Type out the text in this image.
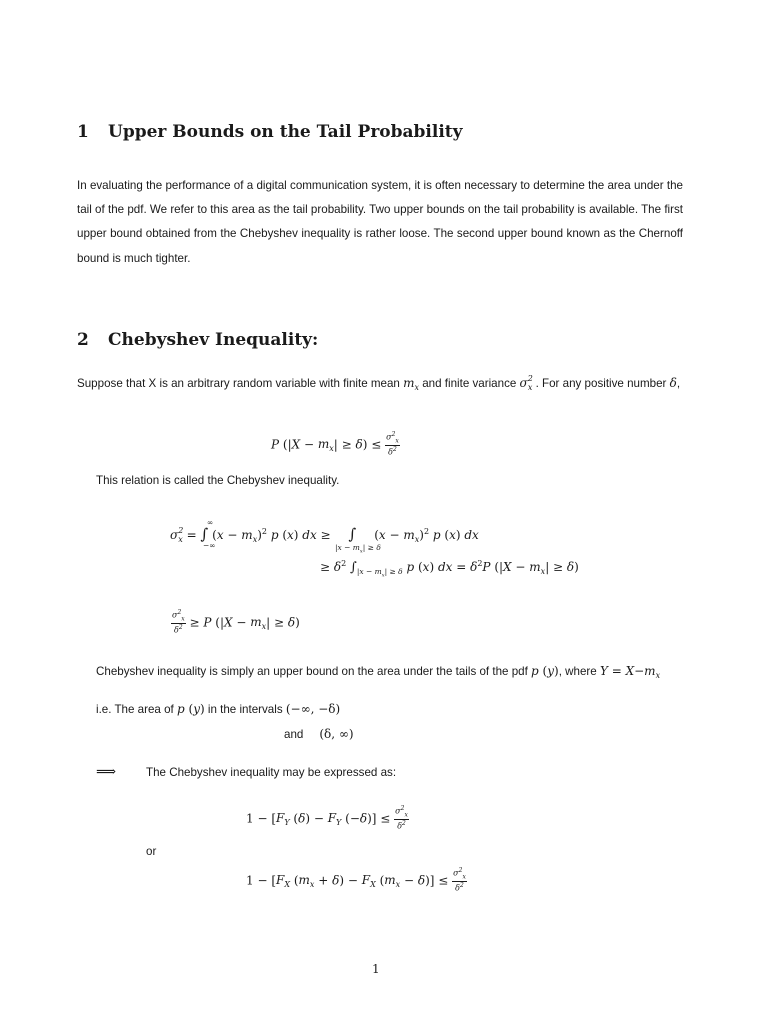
1 Upper Bounds on the Tail Probability

In evaluating the performance of a digital communication system, it is often necessary to determine the area under the tail of the pdf. We refer to this area as the tail probability. Two upper bounds on the tail probability is available. The first upper bound obtained from the Chebyshev inequality is rather loose. The second upper bound known as the Chernoff bound is much tighter.

2 Chebyshev Inequality:

Suppose that X is an arbitrary random variable with finite mean $m_x$ and finite variance $\sigma^2_x$ . For any positive number δ,

P $(|X - m_x| \ge \delta) \le \frac{\sigma^2_x}{\delta^2}$
This relation is called the Chebyshev inequality.
$\sigma^2_x$ = ∫ $(x - m_x)^2$ p (x) dx ≥ ∫ $(x - m_x)^2$ p (x) dx
∞
−∞	$|x - m_x| \ge \delta$
≥ $\delta^2$ $\int|x - m_x| \ge \delta$ p (x) dx = $\delta^2P$ $(|X - m_x| \ge \delta)$
$\frac{\sigma^2_x}{\delta^2} \ge P$ $(|X - m_x| \ge \delta)$
Chebyshev inequality is simply an upper bound on the area under the tails of the pdf p (y), where $Y = X-m_x$
i.e. The area of p (y) in the intervals (−∞, −δ)
and (δ, ∞)
⟹	The Chebyshev inequality may be expressed as:
$1 - [F_Y$ $(\delta) - F_Y$ $(-\delta)] \le \frac{\sigma^2_x}{\delta^2}$
or
$1 - [F_X$ $(m_x + \delta) - F_X$ $(m_x - \delta)] \le \frac{\sigma^2_x}{\delta^2}$
1
